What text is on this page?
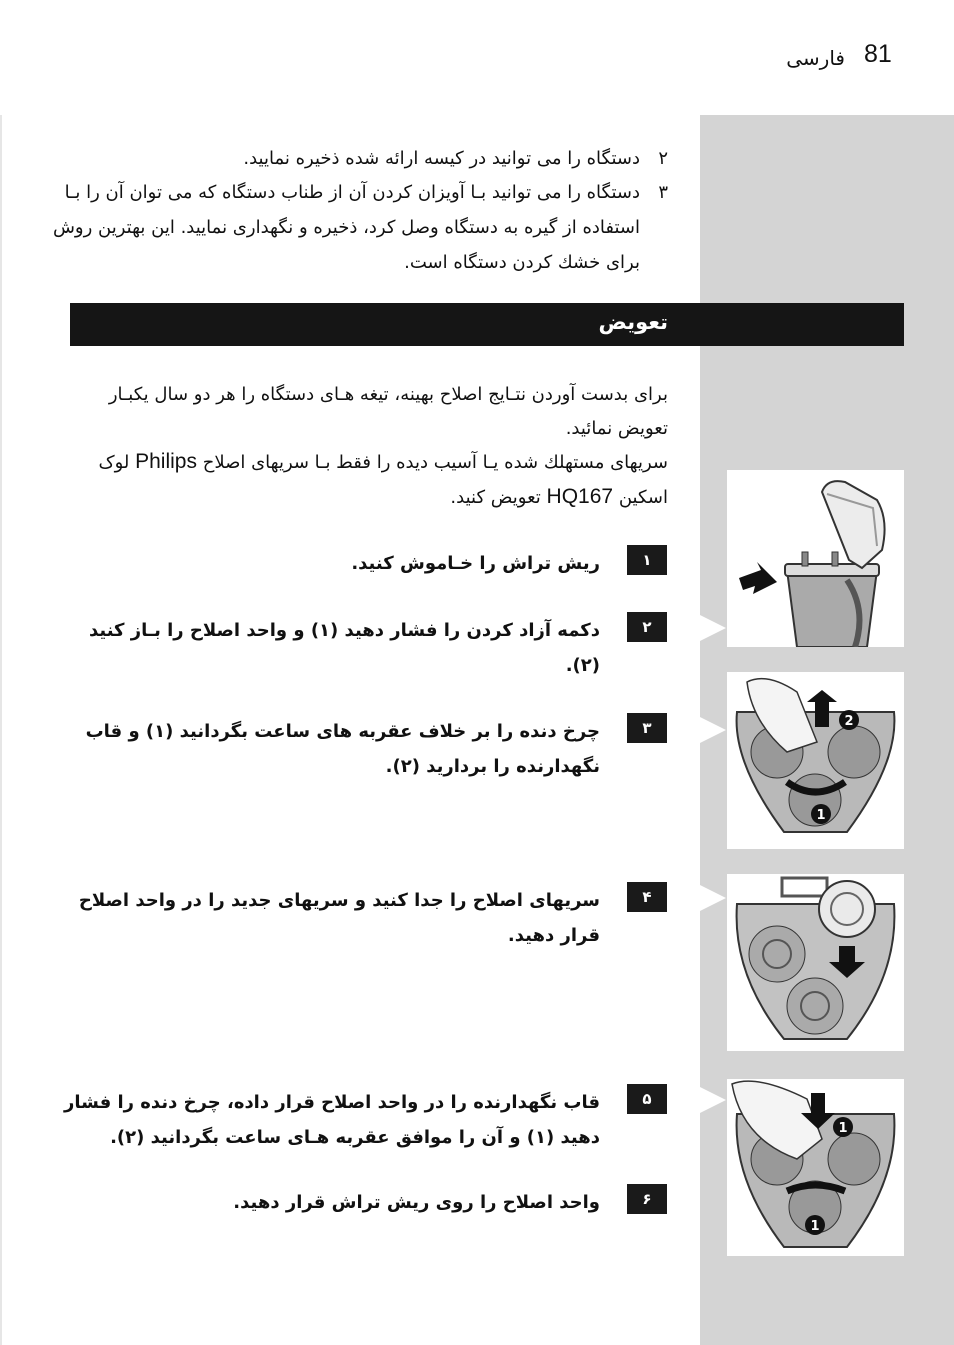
فارسی 81
۲
دستگاه را می توانید در کیسه ارائه شده ذخیره نمایید.
۳
دستگاه را می توانید بـا آویزان کردن آن از طناب دستگاه که می توان آن را بـا استفاده از گیره به دستگاه وصل کرد، ذخیره و نگهداری نمایید. این بهترین روش برای خشك کردن دستگاه است.
تعویض
برای بدست آوردن نتـایج اصلاح بهینه، تیغه هـای دستگاه را هر دو سال یکبـار تعویض نمائید.
سریهای مستهلك شده یـا آسیب دیده را فقط بـا سریهای اصلاح Philips لوک اسکین HQ167 تعویض کنید.
۱
ریش تراش را خـاموش کنید.
۲
دکمه آزاد کردن را فشار دهید (۱) و واحد اصلاح را بـاز کنید (۲).
۳
چرخ دنده را بر خلاف عقربه های ساعت بگردانید (۱) و قاب نگهدارنده را بردارید (۲).
۴
سریهای اصلاح را جدا کنید و سریهای جدید را در واحد اصلاح قرار دهید.
۵
قاب نگهدارنده را در واحد اصلاح قرار داده، چرخ دنده را فشار دهید (۱) و آن را موافق عقربه هـای ساعت بگردانید (۲).
۶
واحد اصلاح را روی ریش تراش قرار دهید.
2
1
1
1
